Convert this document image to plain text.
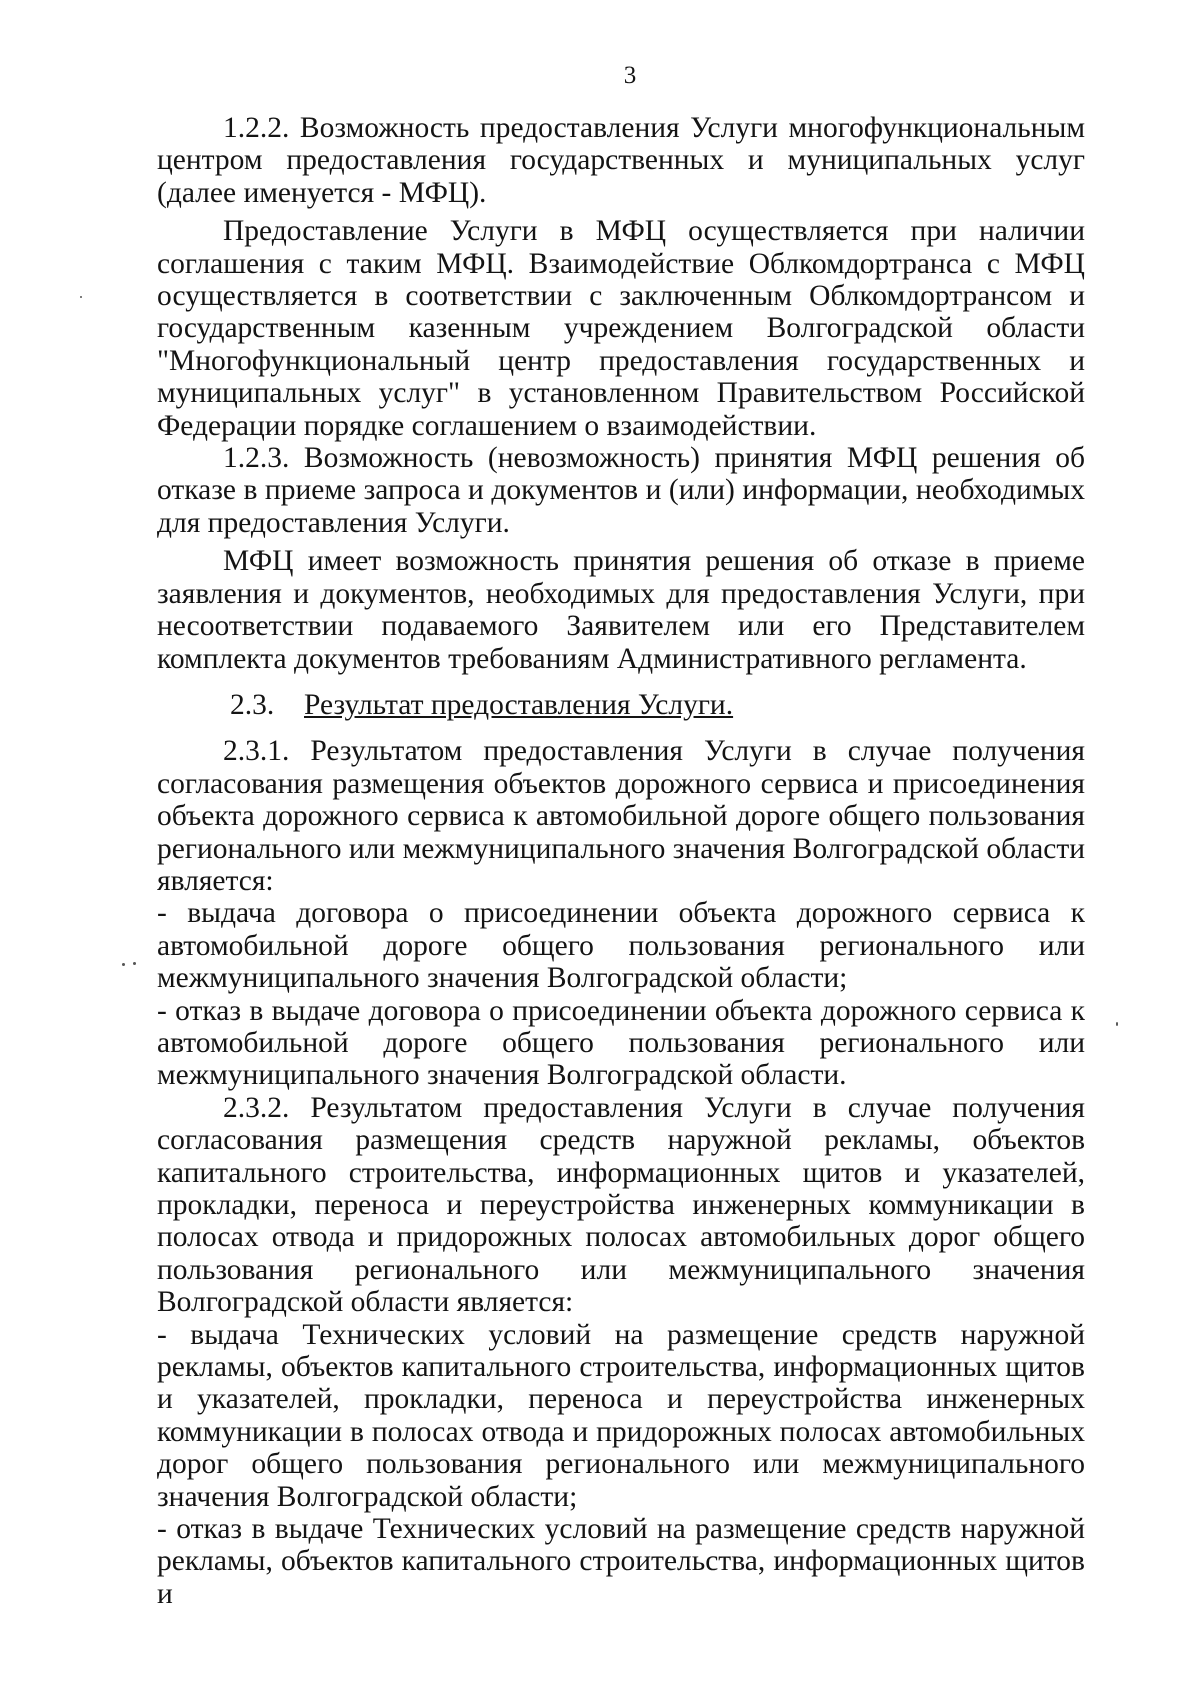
3

1.2.2. Возможность предоставления Услуги многофункциональным центром предоставления государственных и муниципальных услуг (далее именуется - МФЦ).

Предоставление Услуги в МФЦ осуществляется при наличии соглашения с таким МФЦ. Взаимодействие Облкомдортранса с МФЦ осуществляется в соответствии с заключенным Облкомдортрансом и государственным казенным учреждением Волгоградской области "Многофункциональный центр предоставления государственных и муниципальных услуг" в установленном Правительством Российской Федерации порядке соглашением о взаимодействии.

1.2.3. Возможность (невозможность) принятия МФЦ решения об отказе в приеме запроса и документов и (или) информации, необходимых для предоставления Услуги.

МФЦ имеет возможность принятия решения об отказе в приеме заявления и документов, необходимых для предоставления Услуги, при несоответствии подаваемого Заявителем или его Представителем комплекта документов требованиям Административного регламента.

2.3. Результат предоставления Услуги.

2.3.1. Результатом предоставления Услуги в случае получения согласования размещения объектов дорожного сервиса и присоединения объекта дорожного сервиса к автомобильной дороге общего пользования регионального или межмуниципального значения Волгоградской области является:

- выдача договора о присоединении объекта дорожного сервиса к автомобильной дороге общего пользования регионального или межмуниципального значения Волгоградской области;

- отказ в выдаче договора о присоединении объекта дорожного сервиса к автомобильной дороге общего пользования регионального или межмуниципального значения Волгоградской области.

2.3.2. Результатом предоставления Услуги в случае получения согласования размещения средств наружной рекламы, объектов капитального строительства, информационных щитов и указателей, прокладки, переноса и переустройства инженерных коммуникации в полосах отвода и придорожных полосах автомобильных дорог общего пользования регионального или межмуниципального значения Волгоградской области является:

- выдача Технических условий на размещение средств наружной рекламы, объектов капитального строительства, информационных щитов и указателей, прокладки, переноса и переустройства инженерных коммуникации в полосах отвода и придорожных полосах автомобильных дорог общего пользования регионального или межмуниципального значения Волгоградской области;

- отказ в выдаче Технических условий на размещение средств наружной рекламы, объектов капитального строительства, информационных щитов и
